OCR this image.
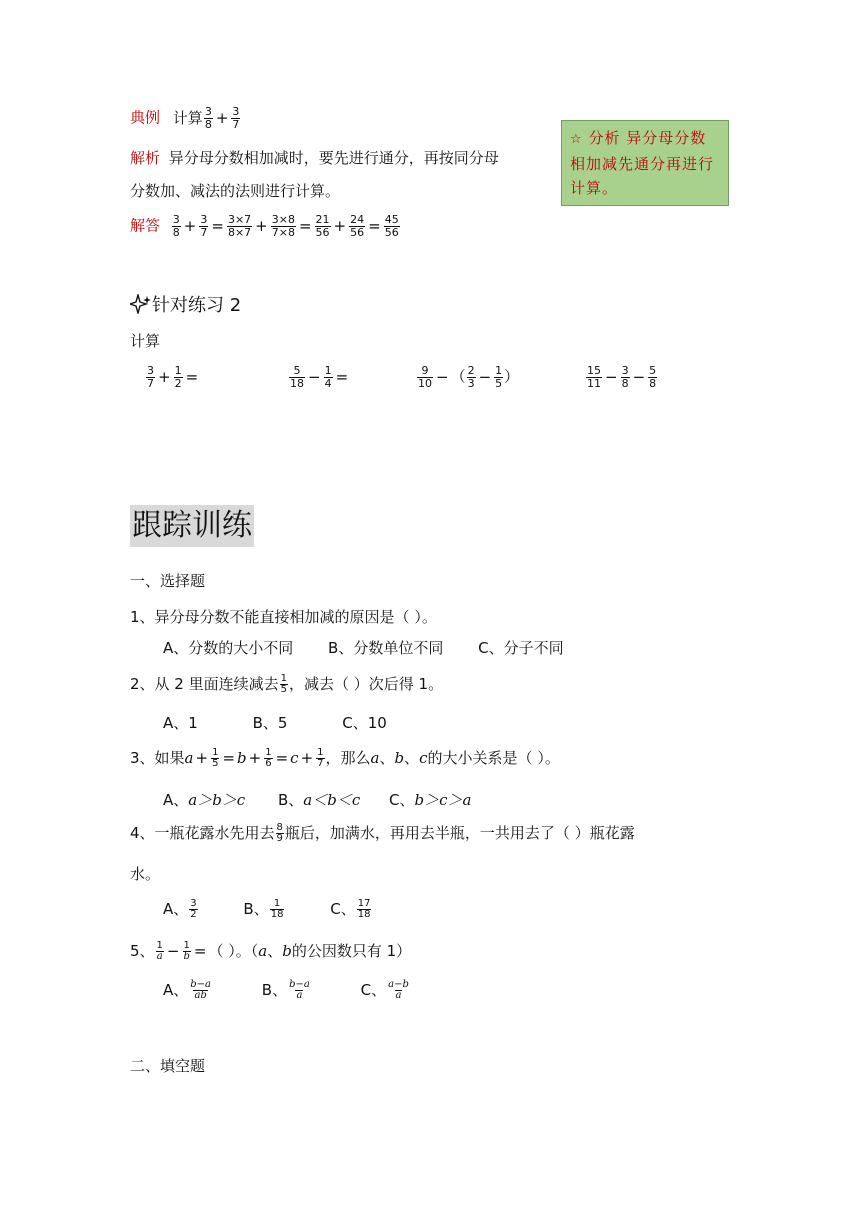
典例 计算 $\frac{3}{8} + \frac{3}{7}$
解析 异分母分数相加减时，要先进行通分，再按同分母
分数加、减法的法则进行计算。
解答 $\frac{3}{8} + \frac{3}{7} = \frac{3\times 7}{8\times 7} + \frac{3\times 8}{7\times 8} = \frac{21}{56} + \frac{24}{56} = \frac{45}{56}$
☆ 分析 异分母分数相加减先通分再进行计算。
针对练习 2
计算
$\frac{3}{7} + \frac{1}{2}$ =	$\frac{5}{18} - \frac{1}{4}$ =	$\frac{9}{10}$ − （ $\frac{2}{3} - \frac{1}{5}$ ）	$\frac{15}{11} - \frac{3}{8} - \frac{5}{8}$
跟踪训练
一、选择题
1、异分母分数不能直接相加减的原因是（ ）。
A、分数的大小不同 B、分数单位不同 C、分子不同
2、从 2 里面连续减去 $\frac{1}{5}$ ，减去（ ）次后得 1。
A、1	B、5	C、10
3、如果$a + \frac{1}{5} = b + \frac{1}{6} = c + \frac{1}{7}$ ，那么a、b、c的大小关系是（ ）。
A、a＞b＞c B、a＜b＜c C、b＞c＞a
4、一瓶花露水先用去 $\frac{8}{9}$ 瓶后，加满水，再用去半瓶，一共用去了（ ）瓶花露
水。
A、 $\frac{3}{2}$	B、 $\frac{1}{18}$	C、 $\frac{17}{18}$
5、 $\frac{1}{a} - \frac{1}{b}$ = （ ）。（a、b的公因数只有 1）
A、 $\frac{b-a}{ab}$	B、 $\frac{b-a}{a}$	C、 $\frac{a-b}{a}$
二、填空题
